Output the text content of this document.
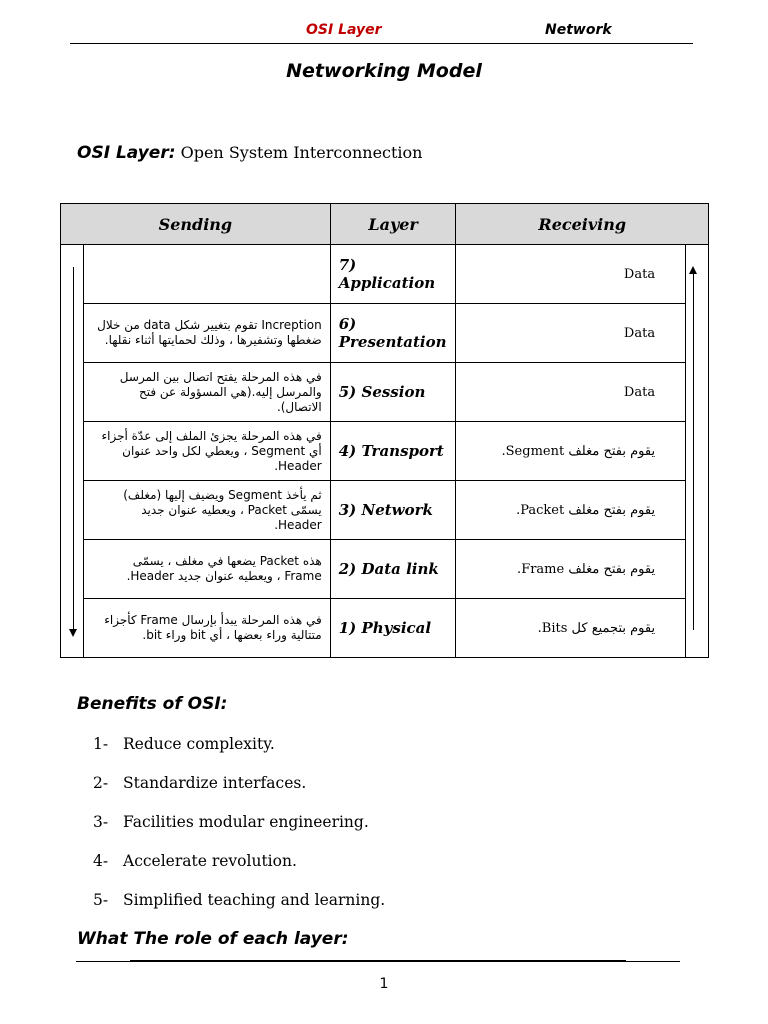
OSI Layer	Network
Networking Model
OSI Layer: Open System Interconnection
Sending		Layer	Receiving	
		7) Application	Data	
	Increption تقوم بتغيير شكل data من خلال ضغطها وتشفيرها ، وذلك لحمايتها أثناء نقلها.	6) Presentation	Data	
	في هذه المرحلة يفتح اتصال بين المرسل والمرسل إليه.(هي المسؤولة عن فتح الاتصال).	5) Session	Data	
	في هذه المرحلة يجزئ الملف إلى عدّة أجزاء أي Segment ، ويعطي لكل واحد عنوان Header.	4) Transport	يقوم بفتح مغلف Segment.	
	ثم يأخذ Segment ويضيف إليها (مغلف) يسمّى Packet ، ويعطيه عنوان جديد Header.	3) Network	يقوم بفتح مغلف Packet.	
	هذه Packet يضعها في مغلف ، يسمّى Frame ، ويعطيه عنوان جديد Header.	2) Data link	يقوم بفتح مغلف Frame.	
	في هذه المرحلة يبدأ بإرسال Frame كأجزاء متتالية وراء بعضها ، أي bit وراء bit.	1) Physical	يقوم بتجميع كل Bits.	
Benefits of OSI:
1- Reduce complexity.
2- Standardize interfaces.
3- Facilities modular engineering.
4- Accelerate revolution.
5- Simplified teaching and learning.
What The role of each layer:
1
